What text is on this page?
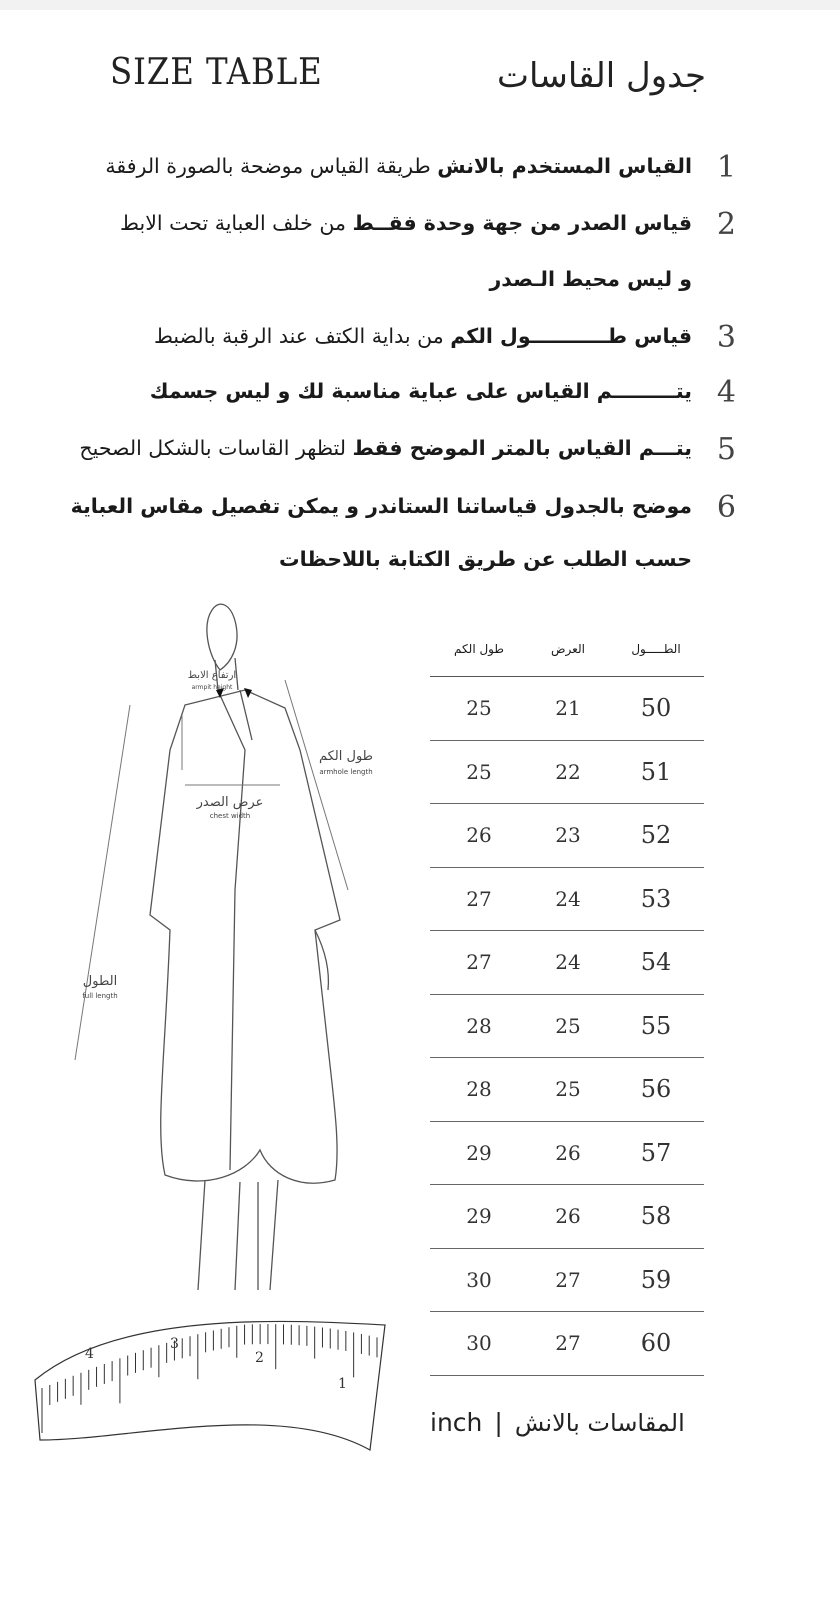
SIZE TABLE	جدول القاسات
1
القياس المستخدم بالانش طريقة القياس موضحة بالصورة الرفقة
2
قياس الصدر من جهة وحدة فقــط من خلف العباية تحت الابط
و ليس محيط الـصدر
3
قياس طـــــــــــول الكم من بداية الكتف عند الرقبة بالضبط
4
يتـــــــــم القياس على عباية مناسبة لك و ليس جسمك
5
يتـــم القياس بالمتر الموضح فقط لتظهر القاسات بالشكل الصحيح
6
موضح بالجدول قياساتنا الستاندر و يمكن تفصيل مقاس العباية
حسب الطلب عن طريق الكتابة باللاحظات
ارتفاع الابط
armpit height
طول الكم
armhole length
عرض الصدر
chest width
الطول
full length
4
3
2
1
طول الكم	العرض	الطـــــول
25	21	50
25	22	51
26	23	52
27	24	53
27	24	54
28	25	55
28	25	56
29	26	57
29	26	58
30	27	59
30	27	60
inch | المقاسات بالانش
